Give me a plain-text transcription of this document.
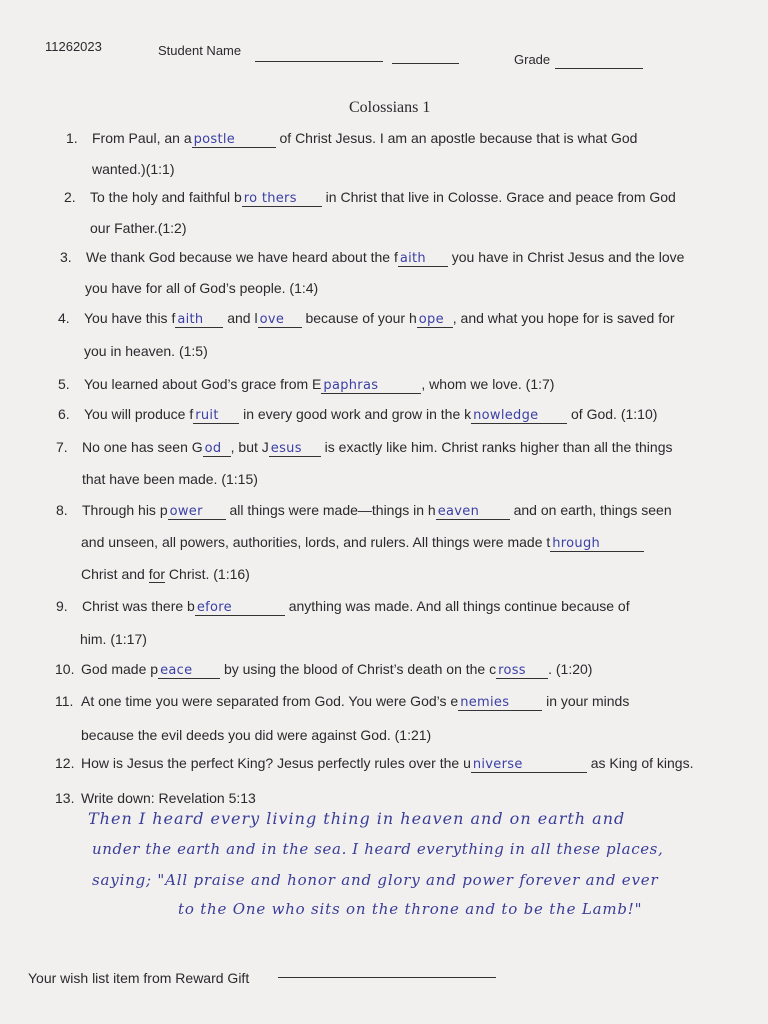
11262023	Student Name
Grade
Colossians 1
1. From Paul, an a postle	of Christ Jesus. I am an apostle because that is what God
wanted.)(1:1)
2. To the holy and faithful b ro thers in Christ that live in Colosse. Grace and peace from God
our Father.(1:2)
3. We thank God because we have heard about the f aith you have in Christ Jesus and the love
you have for all of God’s people. (1:4)
4. You have this f aith and l ove because of your h ope , and what you hope for is saved for
you in heaven. (1:5)
5. You learned about God’s grace from E paphras	, whom we love. (1:7)
6. You will produce f ruit in every good work and grow in the k nowledge of God. (1:10)
7. No one has seen G od , but J esus is exactly like him. Christ ranks higher than all the things
that have been made. (1:15)
8. Through his p ower all things were made—things in h eaven and on earth, things seen
and unseen, all powers, authorities, lords, and rulers. All things were made t hrough
Christ and for Christ. (1:16)
9. Christ was there b efore	anything was made. And all things continue because of
him. (1:17)
10. God made p eace by using the blood of Christ’s death on the c ross . (1:20)
11. At one time you were separated from God. You were God’s e nemies in your minds
because the evil deeds you did were against God. (1:21)
12. How is Jesus the perfect King? Jesus perfectly rules over the u niverse	as King of kings.
13. Write down: Revelation 5:13
Then I heard every living thing in heaven and on earth and
under the earth and in the sea. I heard everything in all these places,
saying; "All praise and honor and glory and power forever and ever
to the One who sits on the throne and to be the Lamb!"
Your wish list item from Reward Gift
